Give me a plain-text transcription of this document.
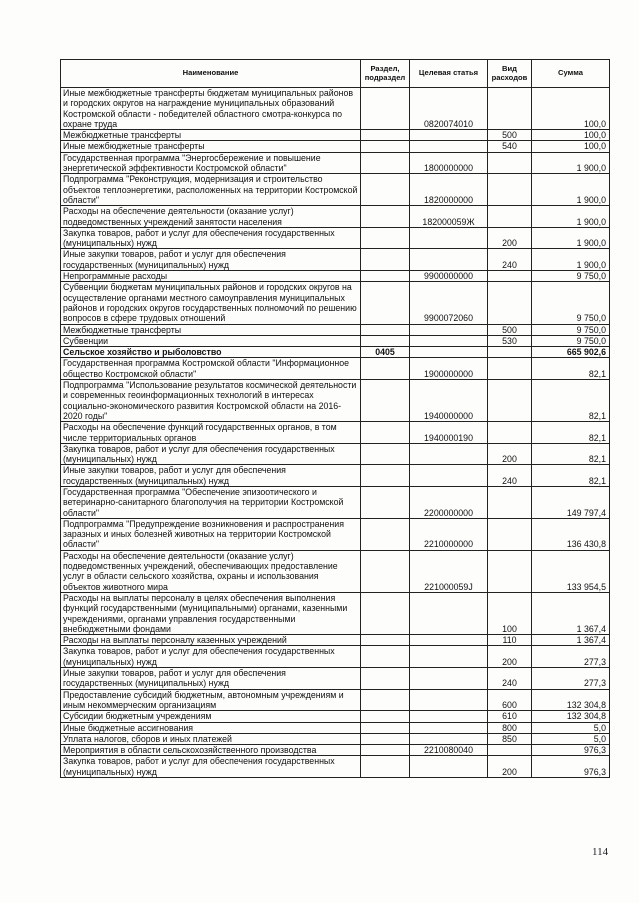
Наименование	Раздел, подраздел	Целевая статья	Вид расходов	Сумма
Иные межбюджетные трансферты бюджетам муниципальных районов и городских округов на награждение муниципальных образований Костромской области - победителей областного смотра-конкурса по охране труда		0820074010		100,0
Межбюджетные трансферты			500	100,0
Иные межбюджетные трансферты			540	100,0
Государственная программа "Энергосбережение и повышение энергетической эффективности Костромской области"		1800000000		1 900,0
Подпрограмма "Реконструкция, модернизация и строительство объектов теплоэнергетики, расположенных на территории Костромской области"		1820000000		1 900,0
Расходы на обеспечение деятельности (оказание услуг) подведомственных учреждений занятости населения		182000059Ж		1 900,0
Закупка товаров, работ и услуг для обеспечения государственных (муниципальных) нужд			200	1 900,0
Иные закупки товаров, работ и услуг для обеспечения государственных (муниципальных) нужд			240	1 900,0
Непрограммные расходы		9900000000		9 750,0
Субвенции бюджетам муниципальных районов и городских округов на осуществление органами местного самоуправления муниципальных районов и городских округов государственных полномочий по решению вопросов в сфере трудовых отношений		9900072060		9 750,0
Межбюджетные трансферты			500	9 750,0
Субвенции			530	9 750,0
Сельское хозяйство и рыболовство	0405			665 902,6
Государственная программа Костромской области "Информационное общество Костромской области"		1900000000		82,1
Подпрограмма "Использование результатов космической деятельности и современных геоинформационных технологий в интересах социально-экономического развития Костромской области на 2016-2020 годы"		1940000000		82,1
Расходы на обеспечение функций государственных органов, в том числе территориальных органов		1940000190		82,1
Закупка товаров, работ и услуг для обеспечения государственных (муниципальных) нужд			200	82,1
Иные закупки товаров, работ и услуг для обеспечения государственных (муниципальных) нужд			240	82,1
Государственная программа "Обеспечение эпизоотического и ветеринарно-санитарного благополучия на территории Костромской области"		2200000000		149 797,4
Подпрограмма "Предупреждение возникновения и распространения заразных и иных болезней животных на территории Костромской области"		2210000000		136 430,8
Расходы на обеспечение деятельности (оказание услуг) подведомственных учреждений, обеспечивающих предоставление услуг в области сельского хозяйства, охраны и использования объектов животного мира		221000059J		133 954,5
Расходы на выплаты персоналу в целях обеспечения выполнения функций государственными (муниципальными) органами, казенными учреждениями, органами управления государственными внебюджетными фондами			100	1 367,4
Расходы на выплаты персоналу казенных учреждений			110	1 367,4
Закупка товаров, работ и услуг для обеспечения государственных (муниципальных) нужд			200	277,3
Иные закупки товаров, работ и услуг для обеспечения государственных (муниципальных) нужд			240	277,3
Предоставление субсидий бюджетным, автономным учреждениям и иным некоммерческим организациям			600	132 304,8
Субсидии бюджетным учреждениям			610	132 304,8
Иные бюджетные ассигнования			800	5,0
Уплата налогов, сборов и иных платежей			850	5,0
Мероприятия в области сельскохозяйственного производства		2210080040		976,3
Закупка товаров, работ и услуг для обеспечения государственных (муниципальных) нужд			200	976,3
114
